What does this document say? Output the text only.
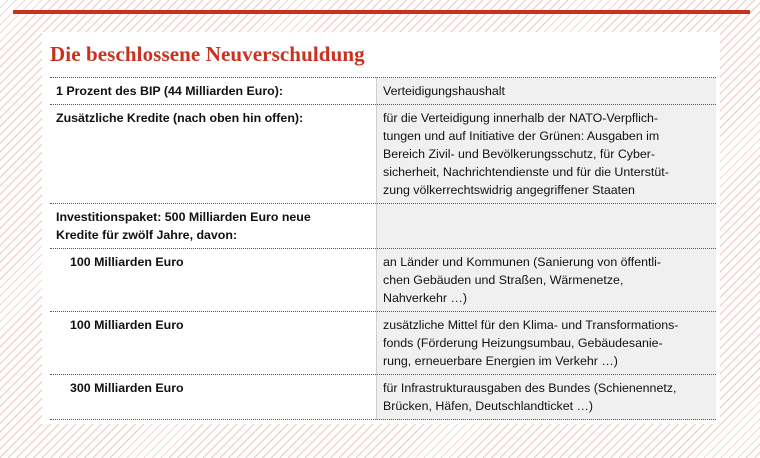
Die beschlossene Neuverschuldung
1 Prozent des BIP (44 Milliarden Euro):	Verteidigungshaushalt

Zusätzliche Kredite (nach oben hin offen):	für die Verteidigung innerhalb der NATO-Verpflich-
tungen und auf Initiative der Grünen: Ausgaben im
Bereich Zivil- und Bevölkerungsschutz, für Cyber-
sicherheit, Nachrichtendienste und für die Unterstüt-
zung völkerrechtswidrig angegriffener Staaten

Investitionspaket: 500 Milliarden Euro neue
Kredite für zwölf Jahre, davon:	

100 Milliarden Euro	an Länder und Kommunen (Sanierung von öffentli-
chen Gebäuden und Straßen, Wärmenetze,
Nahverkehr …)

100 Milliarden Euro	zusätzliche Mittel für den Klima- und Transformations-
fonds (Förderung Heizungsumbau, Gebäudesanie-
rung, erneuerbare Energien im Verkehr …)

300 Milliarden Euro	für Infrastrukturausgaben des Bundes (Schienennetz,
Brücken, Häfen, Deutschlandticket …)
